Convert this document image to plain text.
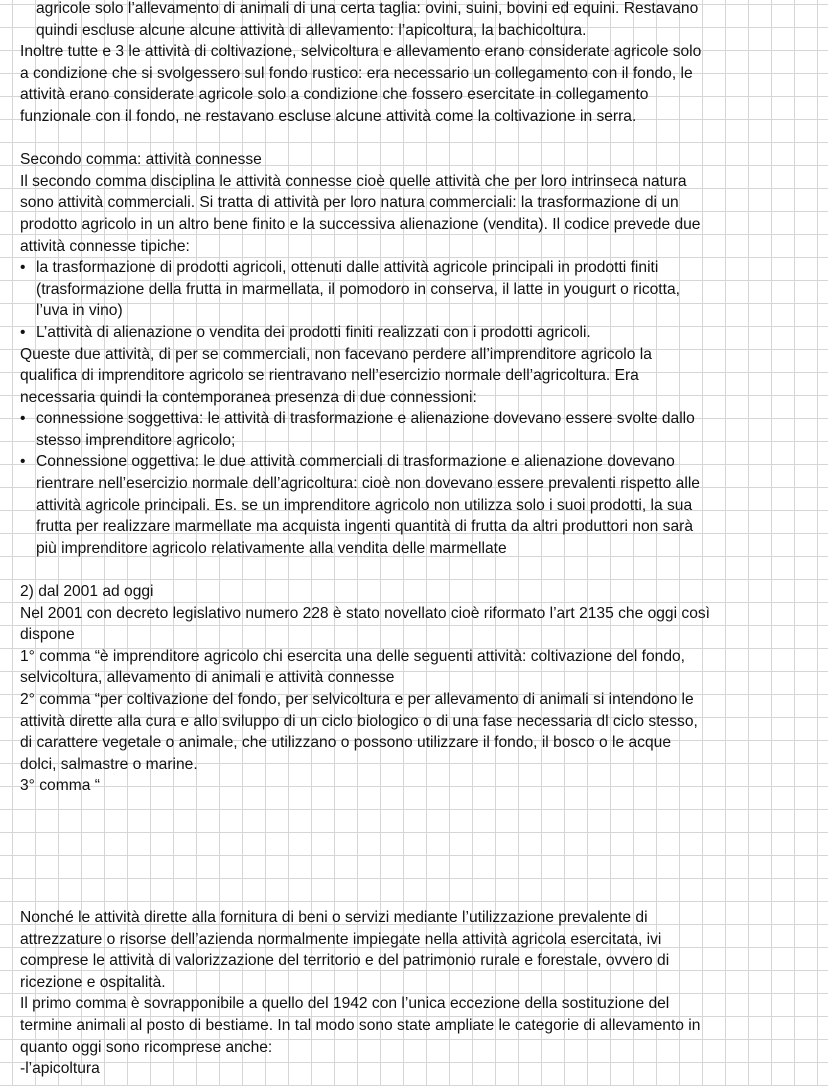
agricole solo l’allevamento di animali di una certa taglia: ovini, suini, bovini ed equini. Restavano
quindi escluse alcune alcune attività di allevamento: l’apicoltura, la bachicoltura.
Inoltre tutte e 3 le attività di coltivazione, selvicoltura e allevamento erano considerate agricole solo
a condizione che si svolgessero sul fondo rustico: era necessario un collegamento con il fondo, le
attività erano considerate agricole solo a condizione che fossero esercitate in collegamento
funzionale con il fondo, ne restavano escluse alcune attività come la coltivazione in serra.
Secondo comma: attività connesse
Il secondo comma disciplina le attività connesse cioè quelle attività che per loro intrinseca natura
sono attività commerciali. Si tratta di attività per loro natura commerciali: la trasformazione di un
prodotto agricolo in un altro bene finito e la successiva alienazione (vendita). Il codice prevede due
attività connesse tipiche:
• la trasformazione di prodotti agricoli, ottenuti dalle attività agricole principali in prodotti finiti
(trasformazione della frutta in marmellata, il pomodoro in conserva, il latte in yougurt o ricotta,
l’uva in vino)
• L’attività di alienazione o vendita dei prodotti finiti realizzati con i prodotti agricoli.
Queste due attività, di per se commerciali, non facevano perdere all’imprenditore agricolo la
qualifica di imprenditore agricolo se rientravano nell’esercizio normale dell’agricoltura. Era
necessaria quindi la contemporanea presenza di due connessioni:
• connessione soggettiva: le attività di trasformazione e alienazione dovevano essere svolte dallo
stesso imprenditore agricolo;
• Connessione oggettiva: le due attività commerciali di trasformazione e alienazione dovevano
rientrare nell’esercizio normale dell’agricoltura: cioè non dovevano essere prevalenti rispetto alle
attività agricole principali. Es. se un imprenditore agricolo non utilizza solo i suoi prodotti, la sua
frutta per realizzare marmellate ma acquista ingenti quantità di frutta da altri produttori non sarà
più imprenditore agricolo relativamente alla vendita delle marmellate
2) dal 2001 ad oggi
Nel 2001 con decreto legislativo numero 228 è stato novellato cioè riformato l’art 2135 che oggi così
dispone
1° comma “è imprenditore agricolo chi esercita una delle seguenti attività: coltivazione del fondo,
selvicoltura, allevamento di animali e attività connesse
2° comma “per coltivazione del fondo, per selvicoltura e per allevamento di animali si intendono le
attività dirette alla cura e allo sviluppo di un ciclo biologico o di una fase necessaria dl ciclo stesso,
di carattere vegetale o animale, che utilizzano o possono utilizzare il fondo, il bosco o le acque
dolci, salmastre o marine.
3° comma “
Nonché le attività dirette alla fornitura di beni o servizi mediante l’utilizzazione prevalente di
attrezzature o risorse dell’azienda normalmente impiegate nella attività agricola esercitata, ivi
comprese le attività di valorizzazione del territorio e del patrimonio rurale e forestale, ovvero di
ricezione e ospitalità.
Il primo comma è sovrapponibile a quello del 1942 con l’unica eccezione della sostituzione del
termine animali al posto di bestiame. In tal modo sono state ampliate le categorie di allevamento in
quanto oggi sono ricomprese anche:
-l’apicoltura
